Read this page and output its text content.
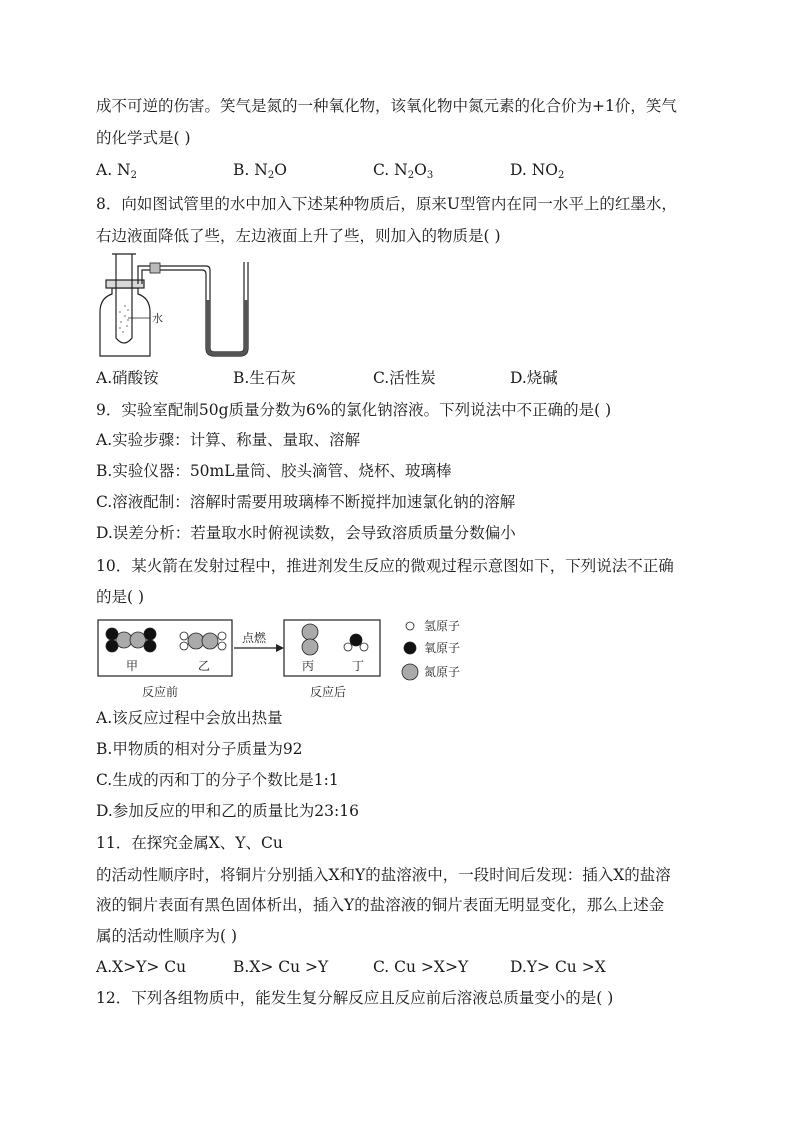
成不可逆的伤害。笑气是氮的一种氧化物，该氧化物中氮元素的化合价为+1价，笑气
的化学式是( )
A. $N_2$	B. $N_2O$	C. $N_2O_3$	D. $NO_2$
8．向如图试管里的水中加入下述某种物质后，原来U型管内在同一水平上的红墨水，
右边液面降低了些，左边液面上升了些，则加入的物质是( )
水
A.硝酸铵	B.生石灰	C.活性炭	D.烧碱
9．实验室配制50g质量分数为6%的氯化钠溶液。下列说法中不正确的是( )
A.实验步骤：计算、称量、量取、溶解
B.实验仪器：50mL量筒、胶头滴管、烧杯、玻璃棒
C.溶液配制：溶解时需要用玻璃棒不断搅拌加速氯化钠的溶解
D.误差分析：若量取水时俯视读数，会导致溶质质量分数偏小
10．某火箭在发射过程中，推进剂发生反应的微观过程示意图如下，下列说法不正确
的是( )
甲	乙
点燃
丙	丁
反应前	反应后
氢原子
氧原子
氮原子
A.该反应过程中会放出热量
B.甲物质的相对分子质量为92
C.生成的丙和丁的分子个数比是1:1
D.参加反应的甲和乙的质量比为23:16
11．在探究金属X、Y、Cu
的活动性顺序时，将铜片分别插入X和Y的盐溶液中，一段时间后发现：插入X的盐溶
液的铜片表面有黑色固体析出，插入Y的盐溶液的铜片表面无明显变化，那么上述金
属的活动性顺序为( )
A.X>Y> Cu	B.X> Cu >Y	C. Cu >X>Y	D.Y> Cu >X
12．下列各组物质中，能发生复分解反应且反应前后溶液总质量变小的是( )
